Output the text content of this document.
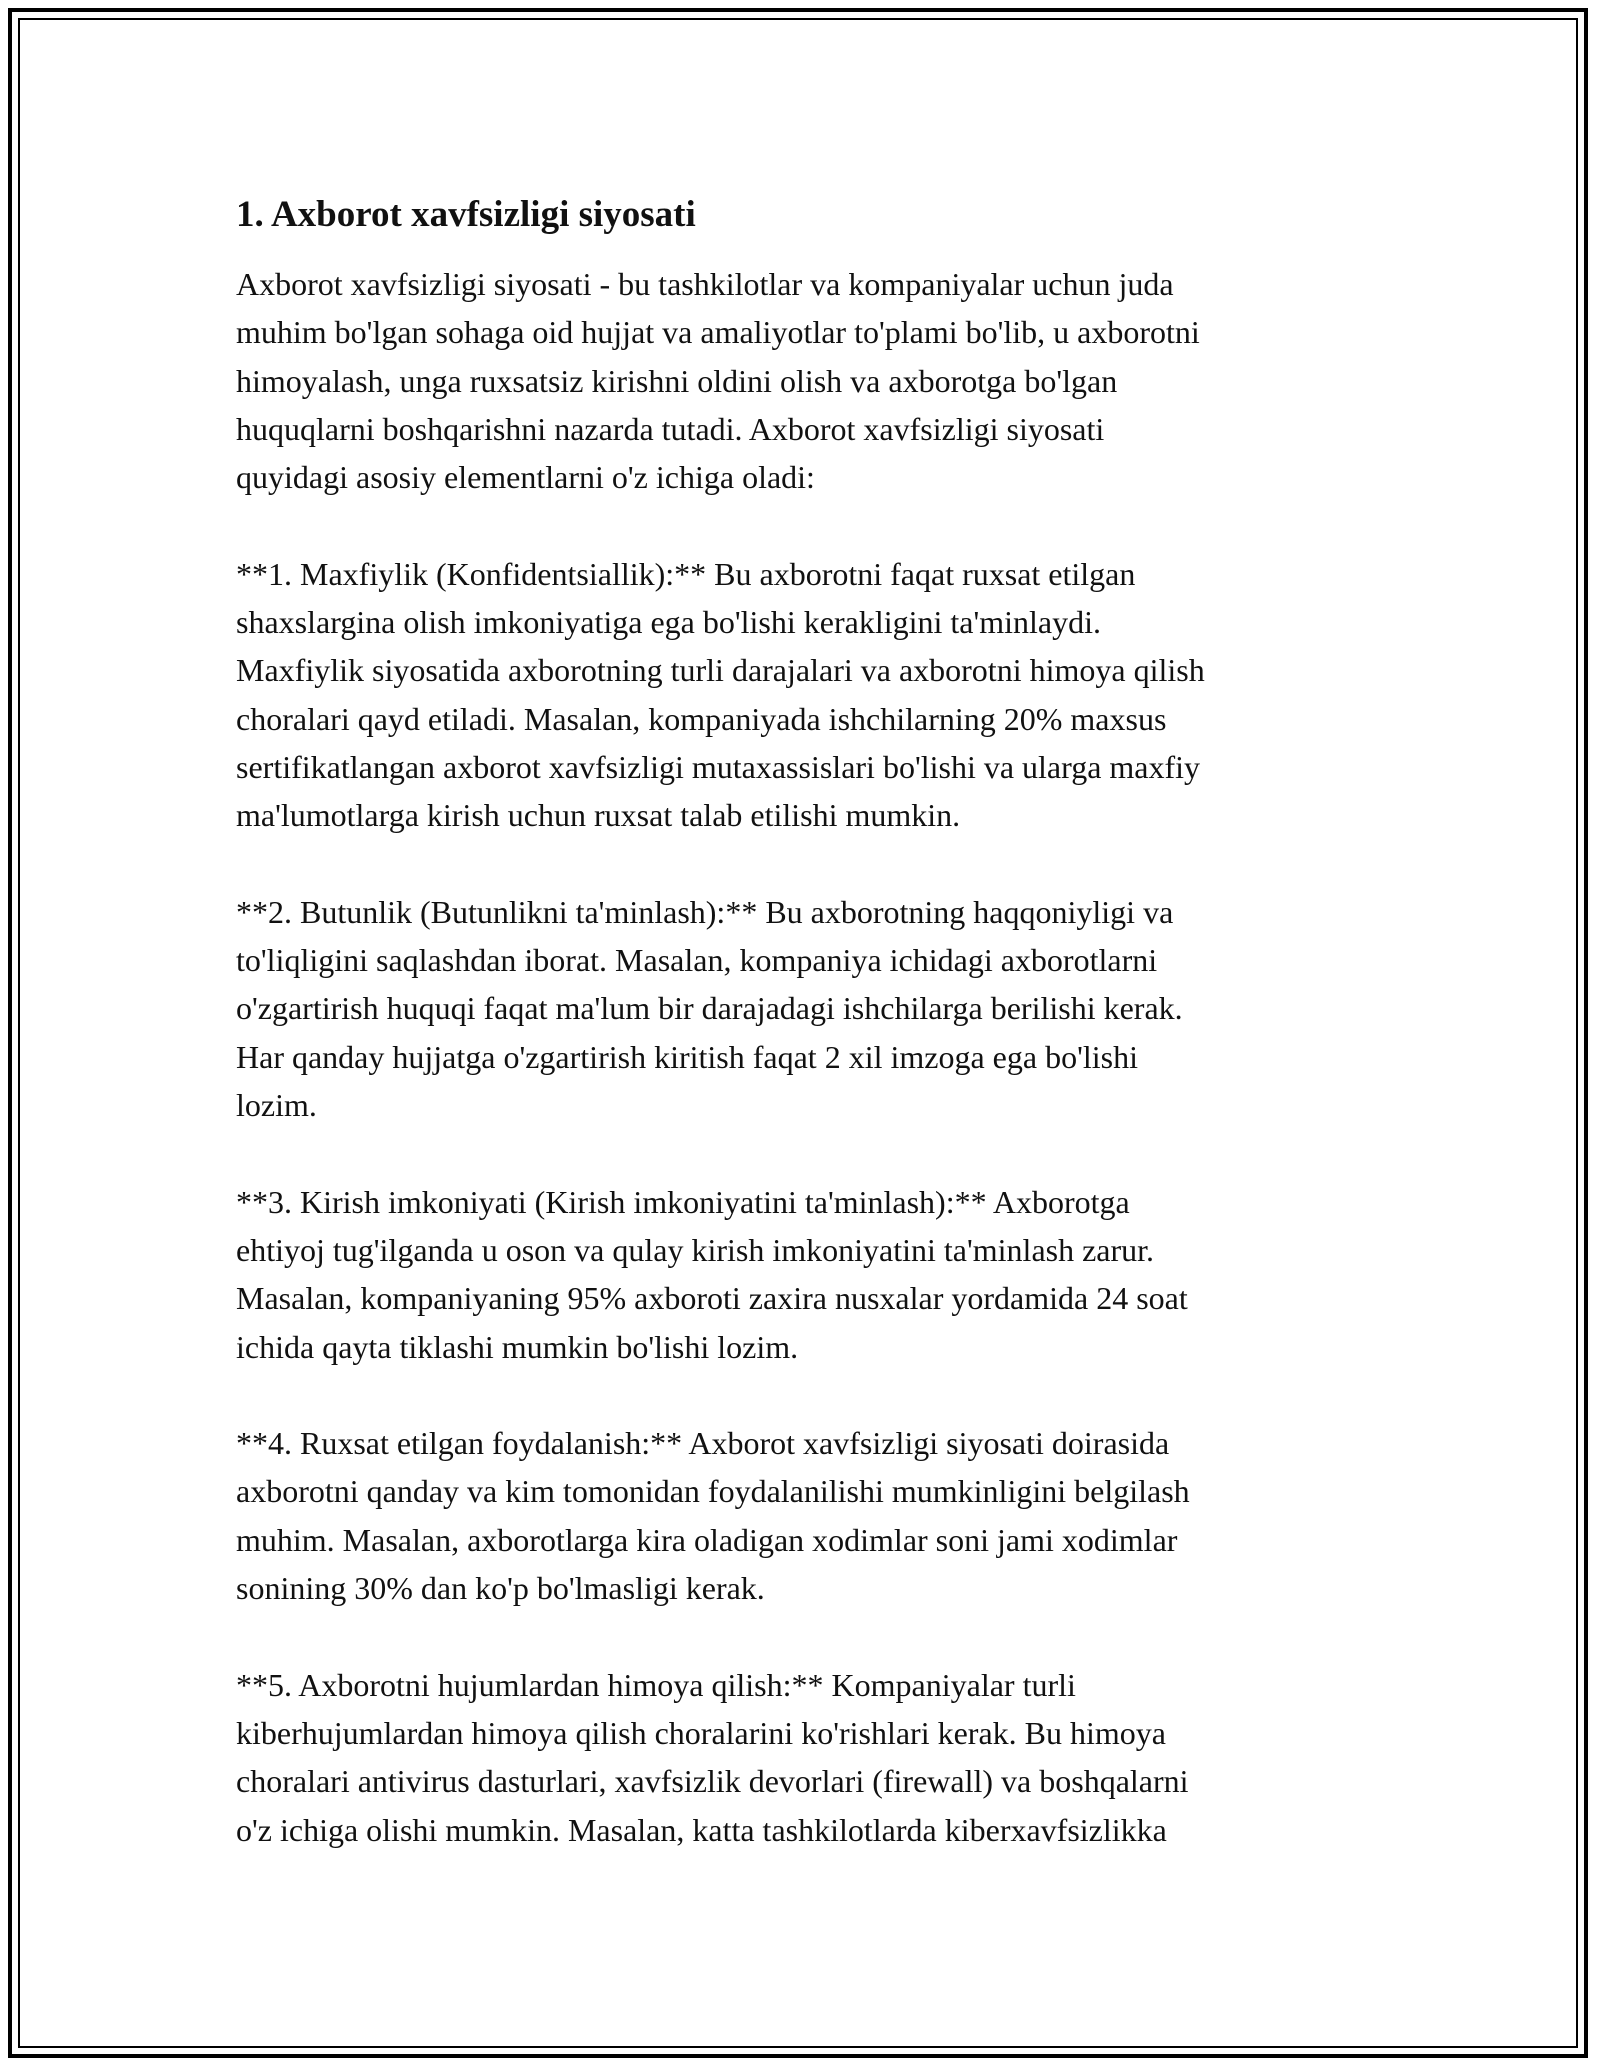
1. Axborot xavfsizligi siyosati

Axborot xavfsizligi siyosati - bu tashkilotlar va kompaniyalar uchun juda
muhim bo'lgan sohaga oid hujjat va amaliyotlar to'plami bo'lib, u axborotni
himoyalash, unga ruxsatsiz kirishni oldini olish va axborotga bo'lgan
huquqlarni boshqarishni nazarda tutadi. Axborot xavfsizligi siyosati
quyidagi asosiy elementlarni o'z ichiga oladi:

**1. Maxfiylik (Konfidentsiallik):** Bu axborotni faqat ruxsat etilgan
shaxslargina olish imkoniyatiga ega bo'lishi kerakligini ta'minlaydi.
Maxfiylik siyosatida axborotning turli darajalari va axborotni himoya qilish
choralari qayd etiladi. Masalan, kompaniyada ishchilarning 20% maxsus
sertifikatlangan axborot xavfsizligi mutaxassislari bo'lishi va ularga maxfiy
ma'lumotlarga kirish uchun ruxsat talab etilishi mumkin.

**2. Butunlik (Butunlikni ta'minlash):** Bu axborotning haqqoniyligi va
to'liqligini saqlashdan iborat. Masalan, kompaniya ichidagi axborotlarni
o'zgartirish huquqi faqat ma'lum bir darajadagi ishchilarga berilishi kerak.
Har qanday hujjatga o'zgartirish kiritish faqat 2 xil imzoga ega bo'lishi
lozim.

**3. Kirish imkoniyati (Kirish imkoniyatini ta'minlash):** Axborotga
ehtiyoj tug'ilganda u oson va qulay kirish imkoniyatini ta'minlash zarur.
Masalan, kompaniyaning 95% axboroti zaxira nusxalar yordamida 24 soat
ichida qayta tiklashi mumkin bo'lishi lozim.

**4. Ruxsat etilgan foydalanish:** Axborot xavfsizligi siyosati doirasida
axborotni qanday va kim tomonidan foydalanilishi mumkinligini belgilash
muhim. Masalan, axborotlarga kira oladigan xodimlar soni jami xodimlar
sonining 30% dan ko'p bo'lmasligi kerak.

**5. Axborotni hujumlardan himoya qilish:** Kompaniyalar turli
kiberhujumlardan himoya qilish choralarini ko'rishlari kerak. Bu himoya
choralari antivirus dasturlari, xavfsizlik devorlari (firewall) va boshqalarni
o'z ichiga olishi mumkin. Masalan, katta tashkilotlarda kiberxavfsizlikka
